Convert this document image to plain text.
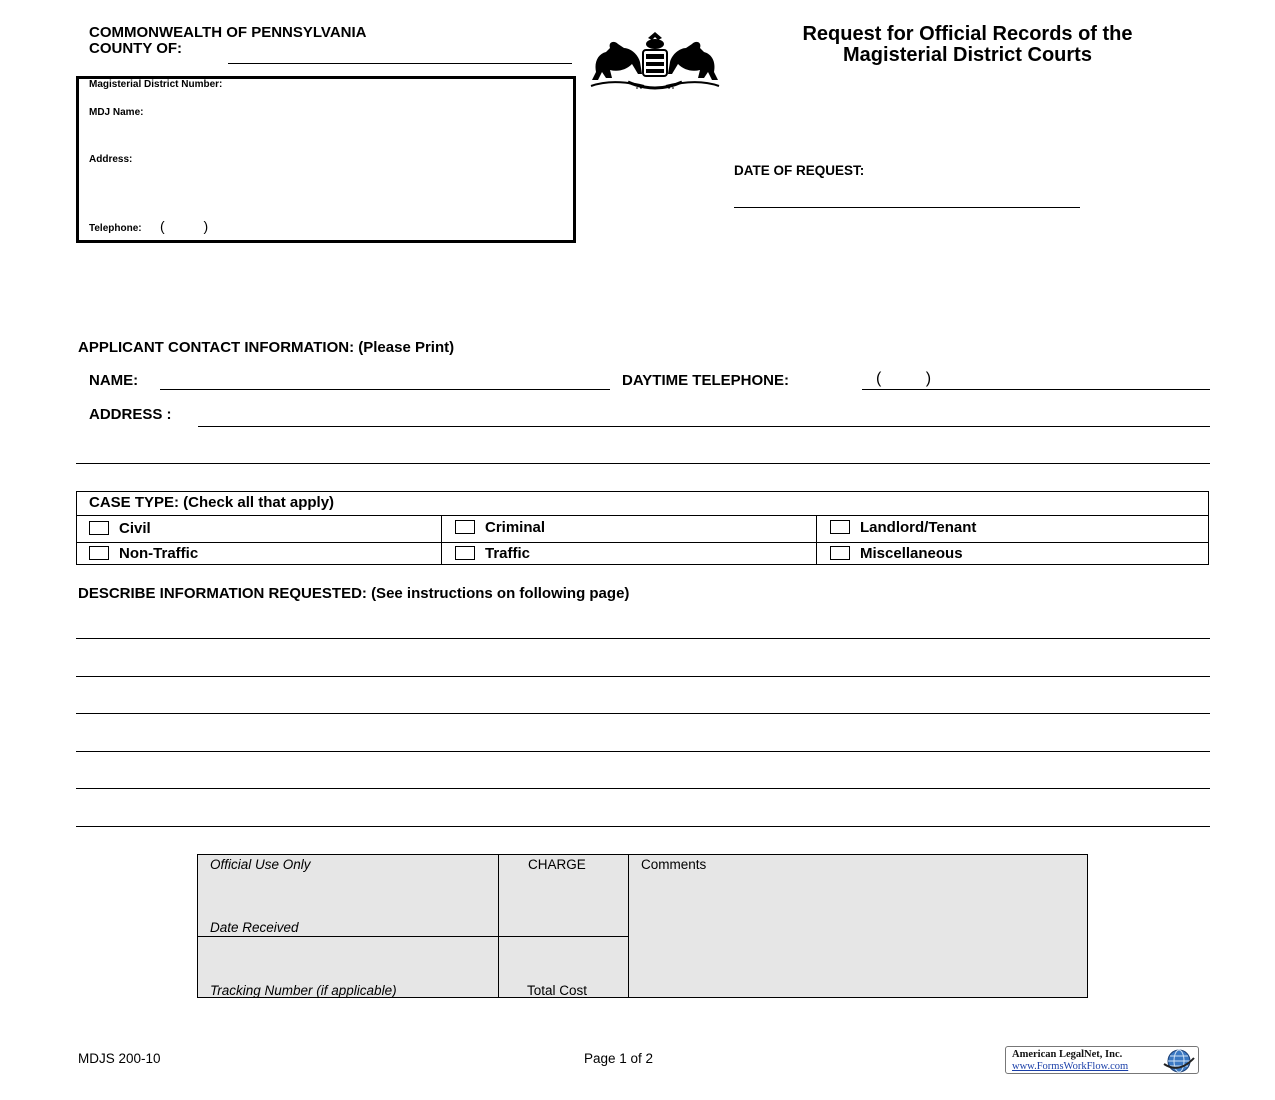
COMMONWEALTH OF PENNSYLVANIA
COUNTY OF:
Request for Official Records of the
Magisterial District Courts
Magisterial District Number:
MDJ Name:
Address:
Telephone: (          )
DATE OF REQUEST:
APPLICANT CONTACT INFORMATION: (Please Print)
NAME:	DAYTIME TELEPHONE:	(          )
ADDRESS :
CASE TYPE: (Check all that apply)
Civil	Criminal	Landlord/Tenant
Non-Traffic	Traffic	Miscellaneous
DESCRIBE INFORMATION REQUESTED: (See instructions on following page)
Official Use Only	CHARGE	Comments
Date Received
Tracking Number (if applicable)	Total Cost
MDJS 200-10	Page 1 of 2	American LegalNet, Inc.
www.FormsWorkFlow.com
